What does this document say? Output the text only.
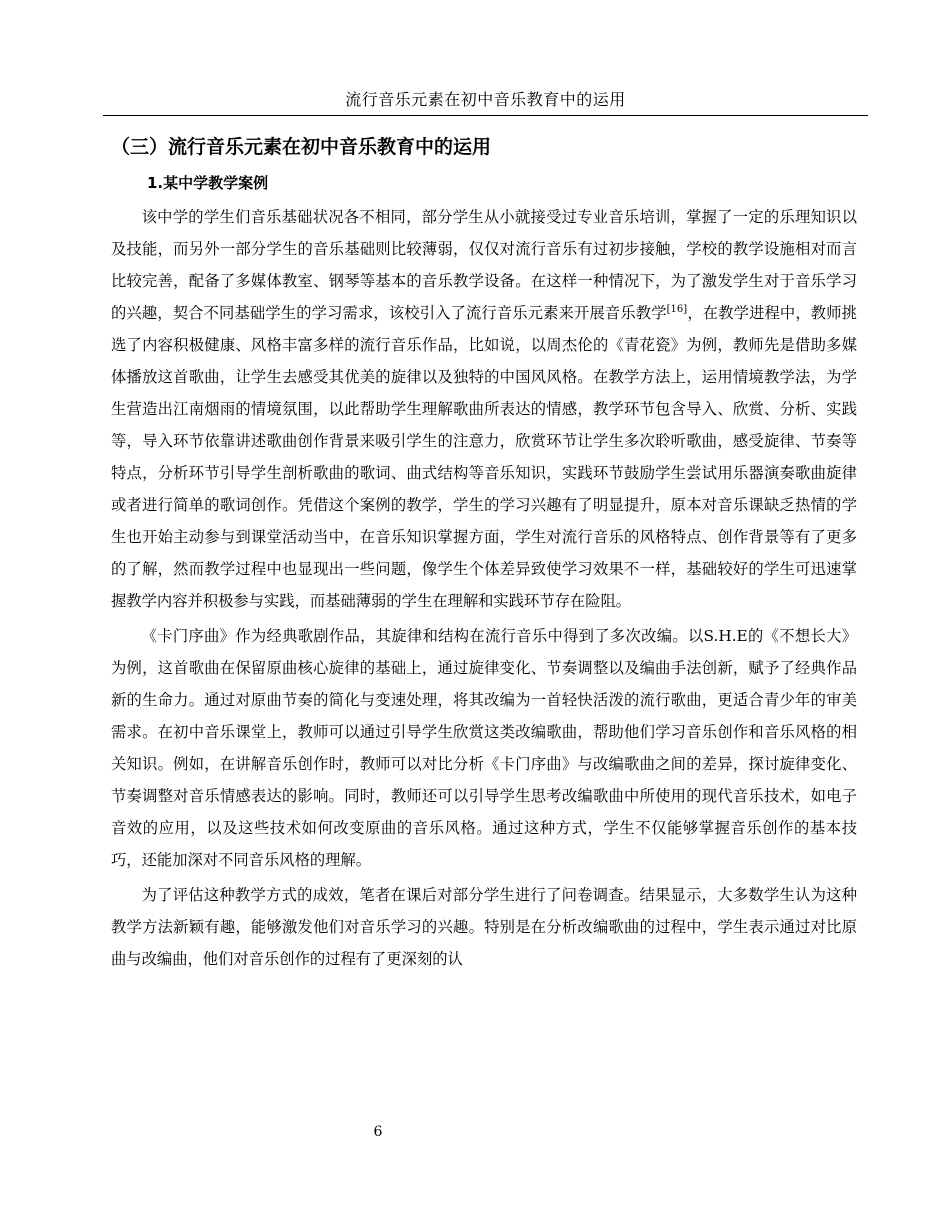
流行音乐元素在初中音乐教育中的运用
（三）流行音乐元素在初中音乐教育中的运用
1.某中学教学案例

该中学的学生们音乐基础状况各不相同，部分学生从小就接受过专业音乐培训，掌握了一定的乐理知识以及技能，而另外一部分学生的音乐基础则比较薄弱，仅仅对流行音乐有过初步接触，学校的教学设施相对而言比较完善，配备了多媒体教室、钢琴等基本的音乐教学设备。在这样一种情况下，为了激发学生对于音乐学习的兴趣，契合不同基础学生的学习需求，该校引入了流行音乐元素来开展音乐教学[16]，在教学进程中，教师挑选了内容积极健康、风格丰富多样的流行音乐作品，比如说，以周杰伦的《青花瓷》为例，教师先是借助多媒体播放这首歌曲，让学生去感受其优美的旋律以及独特的中国风风格。在教学方法上，运用情境教学法，为学生营造出江南烟雨的情境氛围，以此帮助学生理解歌曲所表达的情感，教学环节包含导入、欣赏、分析、实践等，导入环节依靠讲述歌曲创作背景来吸引学生的注意力，欣赏环节让学生多次聆听歌曲，感受旋律、节奏等特点，分析环节引导学生剖析歌曲的歌词、曲式结构等音乐知识，实践环节鼓励学生尝试用乐器演奏歌曲旋律或者进行简单的歌词创作。凭借这个案例的教学，学生的学习兴趣有了明显提升，原本对音乐课缺乏热情的学生也开始主动参与到课堂活动当中，在音乐知识掌握方面，学生对流行音乐的风格特点、创作背景等有了更多的了解，然而教学过程中也显现出一些问题，像学生个体差异致使学习效果不一样，基础较好的学生可迅速掌握教学内容并积极参与实践，而基础薄弱的学生在理解和实践环节存在险阻。

《卡门序曲》作为经典歌剧作品，其旋律和结构在流行音乐中得到了多次改编。以S.H.E的《不想长大》为例，这首歌曲在保留原曲核心旋律的基础上，通过旋律变化、节奏调整以及编曲手法创新，赋予了经典作品新的生命力。通过对原曲节奏的简化与变速处理，将其改编为一首轻快活泼的流行歌曲，更适合青少年的审美需求。在初中音乐课堂上，教师可以通过引导学生欣赏这类改编歌曲，帮助他们学习音乐创作和音乐风格的相关知识。例如，在讲解音乐创作时，教师可以对比分析《卡门序曲》与改编歌曲之间的差异，探讨旋律变化、节奏调整对音乐情感表达的影响。同时，教师还可以引导学生思考改编歌曲中所使用的现代音乐技术，如电子音效的应用，以及这些技术如何改变原曲的音乐风格。通过这种方式，学生不仅能够掌握音乐创作的基本技巧，还能加深对不同音乐风格的理解。

为了评估这种教学方式的成效，笔者在课后对部分学生进行了问卷调查。结果显示，大多数学生认为这种教学方法新颖有趣，能够激发他们对音乐学习的兴趣。特别是在分析改编歌曲的过程中，学生表示通过对比原曲与改编曲，他们对音乐创作的过程有了更深刻的认

6
